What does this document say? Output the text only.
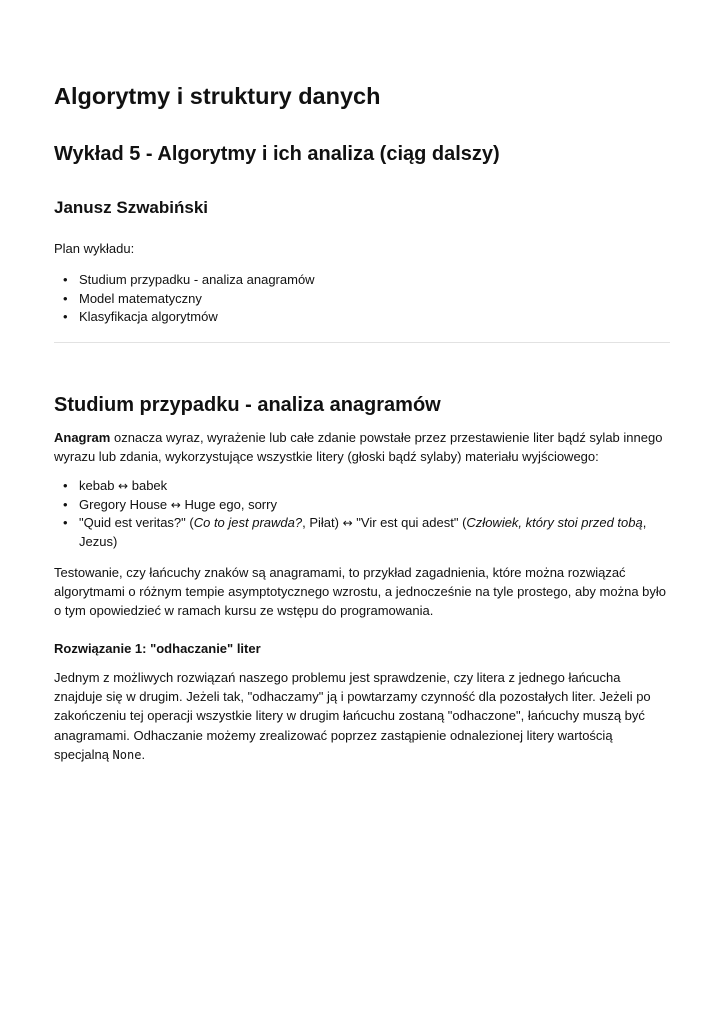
Algorytmy i struktury danych
Wykład 5 - Algorytmy i ich analiza (ciąg dalszy)
Janusz Szwabiński

Plan wykładu:

• Studium przypadku - analiza anagramów
• Model matematyczny
• Klasyfikacja algorytmów
Studium przypadku - analiza anagramów

Anagram oznacza wyraz, wyrażenie lub całe zdanie powstałe przez przestawienie liter bądź sylab innego wyrazu lub zdania, wykorzystujące wszystkie litery (głoski bądź sylaby) materiału wyjściowego:

• kebab ↔ babek
• Gregory House ↔ Huge ego, sorry
• "Quid est veritas?" (Co to jest prawda?, Piłat) ↔ "Vir est qui adest" (Człowiek, który stoi przed tobą, Jezus)

Testowanie, czy łańcuchy znaków są anagramami, to przykład zagadnienia, które można rozwiązać algorytmami o różnym tempie asymptotycznego wzrostu, a jednocześnie na tyle prostego, aby można było o tym opowiedzieć w ramach kursu ze wstępu do programowania.

Rozwiązanie 1: "odhaczanie" liter

Jednym z możliwych rozwiązań naszego problemu jest sprawdzenie, czy litera z jednego łańcucha znajduje się w drugim. Jeżeli tak, "odhaczamy" ją i powtarzamy czynność dla pozostałych liter. Jeżeli po zakończeniu tej operacji wszystkie litery w drugim łańcuchu zostaną "odhaczone", łańcuchy muszą być anagramami. Odhaczanie możemy zrealizować poprzez zastąpienie odnalezionej litery wartością specjalną None.
